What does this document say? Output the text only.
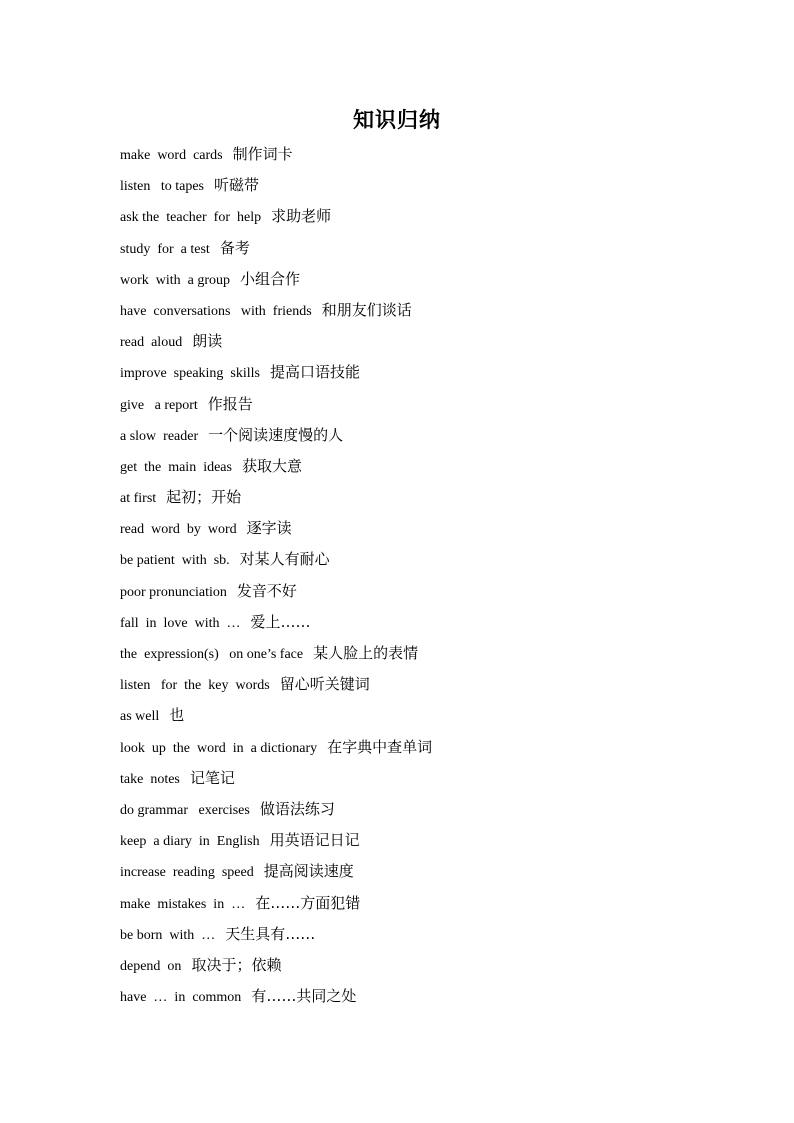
知识归纳
make  word  cards 制作词卡
listen   to tapes 听磁带
ask the  teacher  for  help 求助老师
study  for  a test 备考
work  with  a group 小组合作
have  conversations   with  friends 和朋友们谈话
read  aloud 朗读
improve  speaking  skills 提高口语技能
give   a report 作报告
a slow  reader 一个阅读速度慢的人
get  the  main  ideas 获取大意
at first 起初；开始
read  word  by  word 逐字读
be patient  with  sb. 对某人有耐心
poor pronunciation 发音不好
fall  in  love  with  … 爱上……
the  expression(s)   on one’s face 某人脸上的表情
listen   for  the  key  words 留心听关键词
as well 也
look  up  the  word  in  a dictionary 在字典中查单词
take  notes 记笔记
do grammar   exercises 做语法练习
keep  a diary  in  English 用英语记日记
increase  reading  speed 提高阅读速度
make  mistakes  in  … 在……方面犯错
be born  with  … 天生具有……
depend  on 取决于；依赖
have  …  in  common 有……共同之处
